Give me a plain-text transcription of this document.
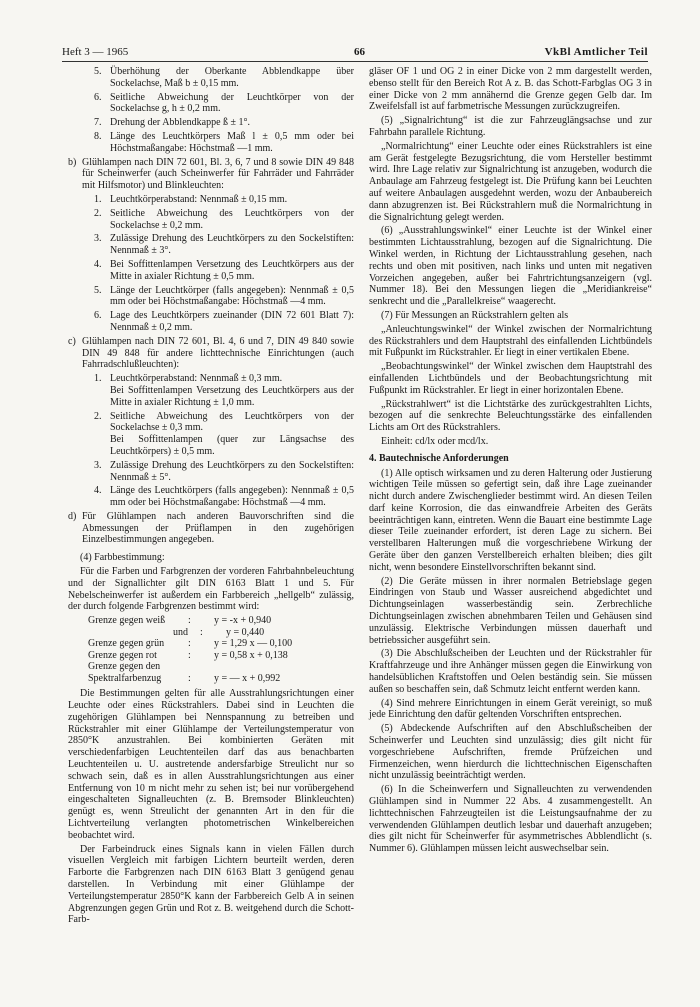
Heft 3 — 1965	66	VkBl Amtlicher Teil
5. Überhöhung der Oberkante Abblendkappe über Sockelachse, Maß b ± 0,15 mm.
6. Seitliche Abweichung der Leuchtkörper von der Sockelachse g, h ± 0,2 mm.
7. Drehung der Abblendkappe ß ± 1°.
8. Länge des Leuchtkörpers Maß l ± 0,5 mm oder bei Höchstmaßangabe: Höchstmaß —1 mm.
b) Glühlampen nach DIN 72 601, Bl. 3, 6, 7 und 8 sowie DIN 49 848 für Scheinwerfer (auch Scheinwerfer für Fahrräder und Fahrräder mit Hilfsmotor) und Blinkleuchten:
1. Leuchtkörperabstand: Nennmaß ± 0,15 mm.
2. Seitliche Abweichung des Leuchtkörpers von der Sockelachse ± 0,2 mm.
3. Zulässige Drehung des Leuchtkörpers zu den Sockelstiften: Nennmaß ± 3°.
4. Bei Soffittenlampen Versetzung des Leuchtkörpers aus der Mitte in axialer Richtung ± 0,5 mm.
5. Länge der Leuchtkörper (falls angegeben): Nennmaß ± 0,5 mm oder bei Höchstmaßangabe: Höchstmaß —4 mm.
6. Lage des Leuchtkörpers zueinander (DIN 72 601 Blatt 7): Nennmaß ± 0,2 mm.
c) Glühlampen nach DIN 72 601, Bl. 4, 6 und 7, DIN 49 840 sowie DIN 49 848 für andere lichttechnische Einrichtungen (auch Fahrradschlußleuchten):
1. Leuchtkörperabstand: Nennmaß ± 0,3 mm.
Bei Soffittenlampen Versetzung des Leuchtkörpers aus der Mitte in axialer Richtung ± 1,0 mm.
2. Seitliche Abweichung des Leuchtkörpers von der Sockelachse ± 0,3 mm.
Bei Soffittenlampen (quer zur Längsachse des Leuchtkörpers) ± 0,5 mm.
3. Zulässige Drehung des Leuchtkörpers zu den Sockelstiften: Nennmaß ± 5°.
4. Länge des Leuchtkörpers (falls angegeben): Nennmaß ± 0,5 mm oder bei Höchstmaßangabe: Höchstmaß —4 mm.
d) Für Glühlampen nach anderen Bauvorschriften sind die Abmessungen der Prüflampen in den zugehörigen Einzelbestimmungen angegeben.
(4) Farbbestimmung:

Für die Farben und Farbgrenzen der vorderen Fahrbahnbeleuchtung und der Signallichter gilt DIN 6163 Blatt 1 und 5. Für Nebelscheinwerfer ist außerdem ein Farbbereich „hellgelb“ zulässig, der durch folgende Farbgrenzen bestimmt wird:

Grenze gegen weiß	:	y = -x + 0,940
und	:	y = 0,440
Grenze gegen grün	:	y = 1,29 x — 0,100
Grenze gegen rot	:	y = 0,58 x + 0,138
Grenze gegen den
Spektralfarbenzug	:	y = — x + 0,992

Die Bestimmungen gelten für alle Ausstrahlungsrichtungen einer Leuchte oder eines Rückstrahlers. Dabei sind in Leuchten die zugehörigen Glühlampen bei Nennspannung zu betreiben und Rückstrahler mit einer Glühlampe der Verteilungstemperatur von 2850°K anzustrahlen. Bei kombinierten Geräten mit verschiedenfarbigen Leuchtenteilen darf das aus benachbarten Leuchtenteilen u. U. austretende andersfarbige Streulicht nur so schwach sein, daß es in allen Ausstrahlungsrichtungen aus einer Entfernung von 10 m nicht mehr zu sehen ist; bei nur vorübergehend eingeschalteten Signalleuchten (z. B. Bremsoder Blinkleuchten) genügt es, wenn Streulicht der genannten Art in den für die Lichtverteilung verlangten photometrischen Winkelbereichen beobachtet wird.

Der Farbeindruck eines Signals kann in vielen Fällen durch visuellen Vergleich mit farbigen Lichtern beurteilt werden, deren Farborte die Farbgrenzen nach DIN 6163 Blatt 3 genügend genau darstellen. In Verbindung mit einer Glühlampe der Verteilungstemperatur 2850°K kann der Farbbereich Gelb A in seinen Abgrenzungen gegen Grün und Rot z. B. weitgehend durch die Schott-Farb-

gläser OF 1 und OG 2 in einer Dicke von 2 mm dargestellt werden, ebenso stellt für den Bereich Rot A z. B. das Schott-Farbglas OG 3 in einer Dicke von 2 mm annähernd die Grenze gegen Gelb dar. Im Zweifelsfall ist auf farbmetrische Messungen zurückzugreifen.

(5) „Signalrichtung“ ist die zur Fahrzeuglängsachse und zur Fahrbahn parallele Richtung.

„Normalrichtung“ einer Leuchte oder eines Rückstrahlers ist eine am Gerät festgelegte Bezugsrichtung, die vom Hersteller bestimmt wird. Ihre Lage relativ zur Signalrichtung ist anzugeben, wodurch die Anbaulage am Fahrzeug festgelegt ist. Die Prüfung kann bei Leuchten auf weitere Anbaulagen ausgedehnt werden, wozu der Anbaubereich dann abzugrenzen ist. Bei Rückstrahlern muß die Normalrichtung in die Signalrichtung gelegt werden.

(6) „Ausstrahlungswinkel“ einer Leuchte ist der Winkel einer bestimmten Lichtausstrahlung, bezogen auf die Signalrichtung. Die Winkel werden, in Richtung der Lichtausstrahlung gesehen, nach rechts und oben mit positiven, nach links und unten mit negativen Vorzeichen angegeben, außer bei Fahrtrichtungsanzeigern (vgl. Nummer 18). Bei den Messungen liegen die „Meridiankreise“ senkrecht und die „Parallelkreise“ waagerecht.

(7) Für Messungen an Rückstrahlern gelten als

„Anleuchtungswinkel“ der Winkel zwischen der Normalrichtung des Rückstrahlers und dem Hauptstrahl des einfallenden Lichtbündels mit Fußpunkt im Rückstrahler. Er liegt in einer vertikalen Ebene.

„Beobachtungswinkel“ der Winkel zwischen dem Hauptstrahl des einfallenden Lichtbündels und der Beobachtungsrichtung mit Fußpunkt im Rückstrahler. Er liegt in einer horizontalen Ebene.

„Rückstrahlwert“ ist die Lichtstärke des zurückgestrahlten Lichts, bezogen auf die senkrechte Beleuchtungsstärke des einfallenden Lichts am Ort des Rückstrahlers.

Einheit: cd/lx oder mcd/lx.

4. Bautechnische Anforderungen

(1) Alle optisch wirksamen und zu deren Halterung oder Justierung wichtigen Teile müssen so gefertigt sein, daß ihre Lage zueinander nicht durch andere Zwischenglieder bestimmt wird. An diesen Teilen darf keine Korrosion, die das einwandfreie Arbeiten des Geräts beeinträchtigen kann, eintreten. Wenn die Bauart eine bestimmte Lage dieser Teile zueinander erfordert, ist deren Lage zu sichern. Bei verstellbaren Halterungen muß die vorgeschriebene Wirkung der Geräte über den ganzen Verstellbereich erhalten bleiben; dies gilt nicht, wenn besondere Einstellvorschriften bekannt sind.

(2) Die Geräte müssen in ihrer normalen Betriebslage gegen Eindringen von Staub und Wasser ausreichend abgedichtet und Dichtungseinlagen wasserbeständig sein. Zerbrechliche Dichtungseinlagen zwischen abnehmbaren Teilen und Gehäusen sind unzulässig. Elektrische Verbindungen müssen dauerhaft und betriebssicher ausgeführt sein.

(3) Die Abschlußscheiben der Leuchten und der Rückstrahler für Kraftfahrzeuge und ihre Anhänger müssen gegen die Einwirkung von handelsüblichen Kraftstoffen und Oelen beständig sein. Sie müssen außen so beschaffen sein, daß Schmutz leicht entfernt werden kann.

(4) Sind mehrere Einrichtungen in einem Gerät vereinigt, so muß jede Einrichtung den dafür geltenden Vorschriften entsprechen.

(5) Abdeckende Aufschriften auf den Abschlußscheiben der Scheinwerfer und Leuchten sind unzulässig; dies gilt nicht für vorgeschriebene Aufschriften, fremde Prüfzeichen und Firmenzeichen, wenn hierdurch die lichttechnischen Eigenschaften nicht unzulässig beeinträchtigt werden.

(6) In die Scheinwerfern und Signalleuchten zu verwendenden Glühlampen sind in Nummer 22 Abs. 4 zusammengestellt. An lichttechnischen Fahrzeugteilen ist die Leistungsaufnahme der zu verwendenden Glühlampen deutlich lesbar und dauerhaft anzugeben; dies gilt nicht für Scheinwerfer für asymmetrisches Abblendlicht (s. Nummer 6). Glühlampen müssen leicht auswechselbar sein.
